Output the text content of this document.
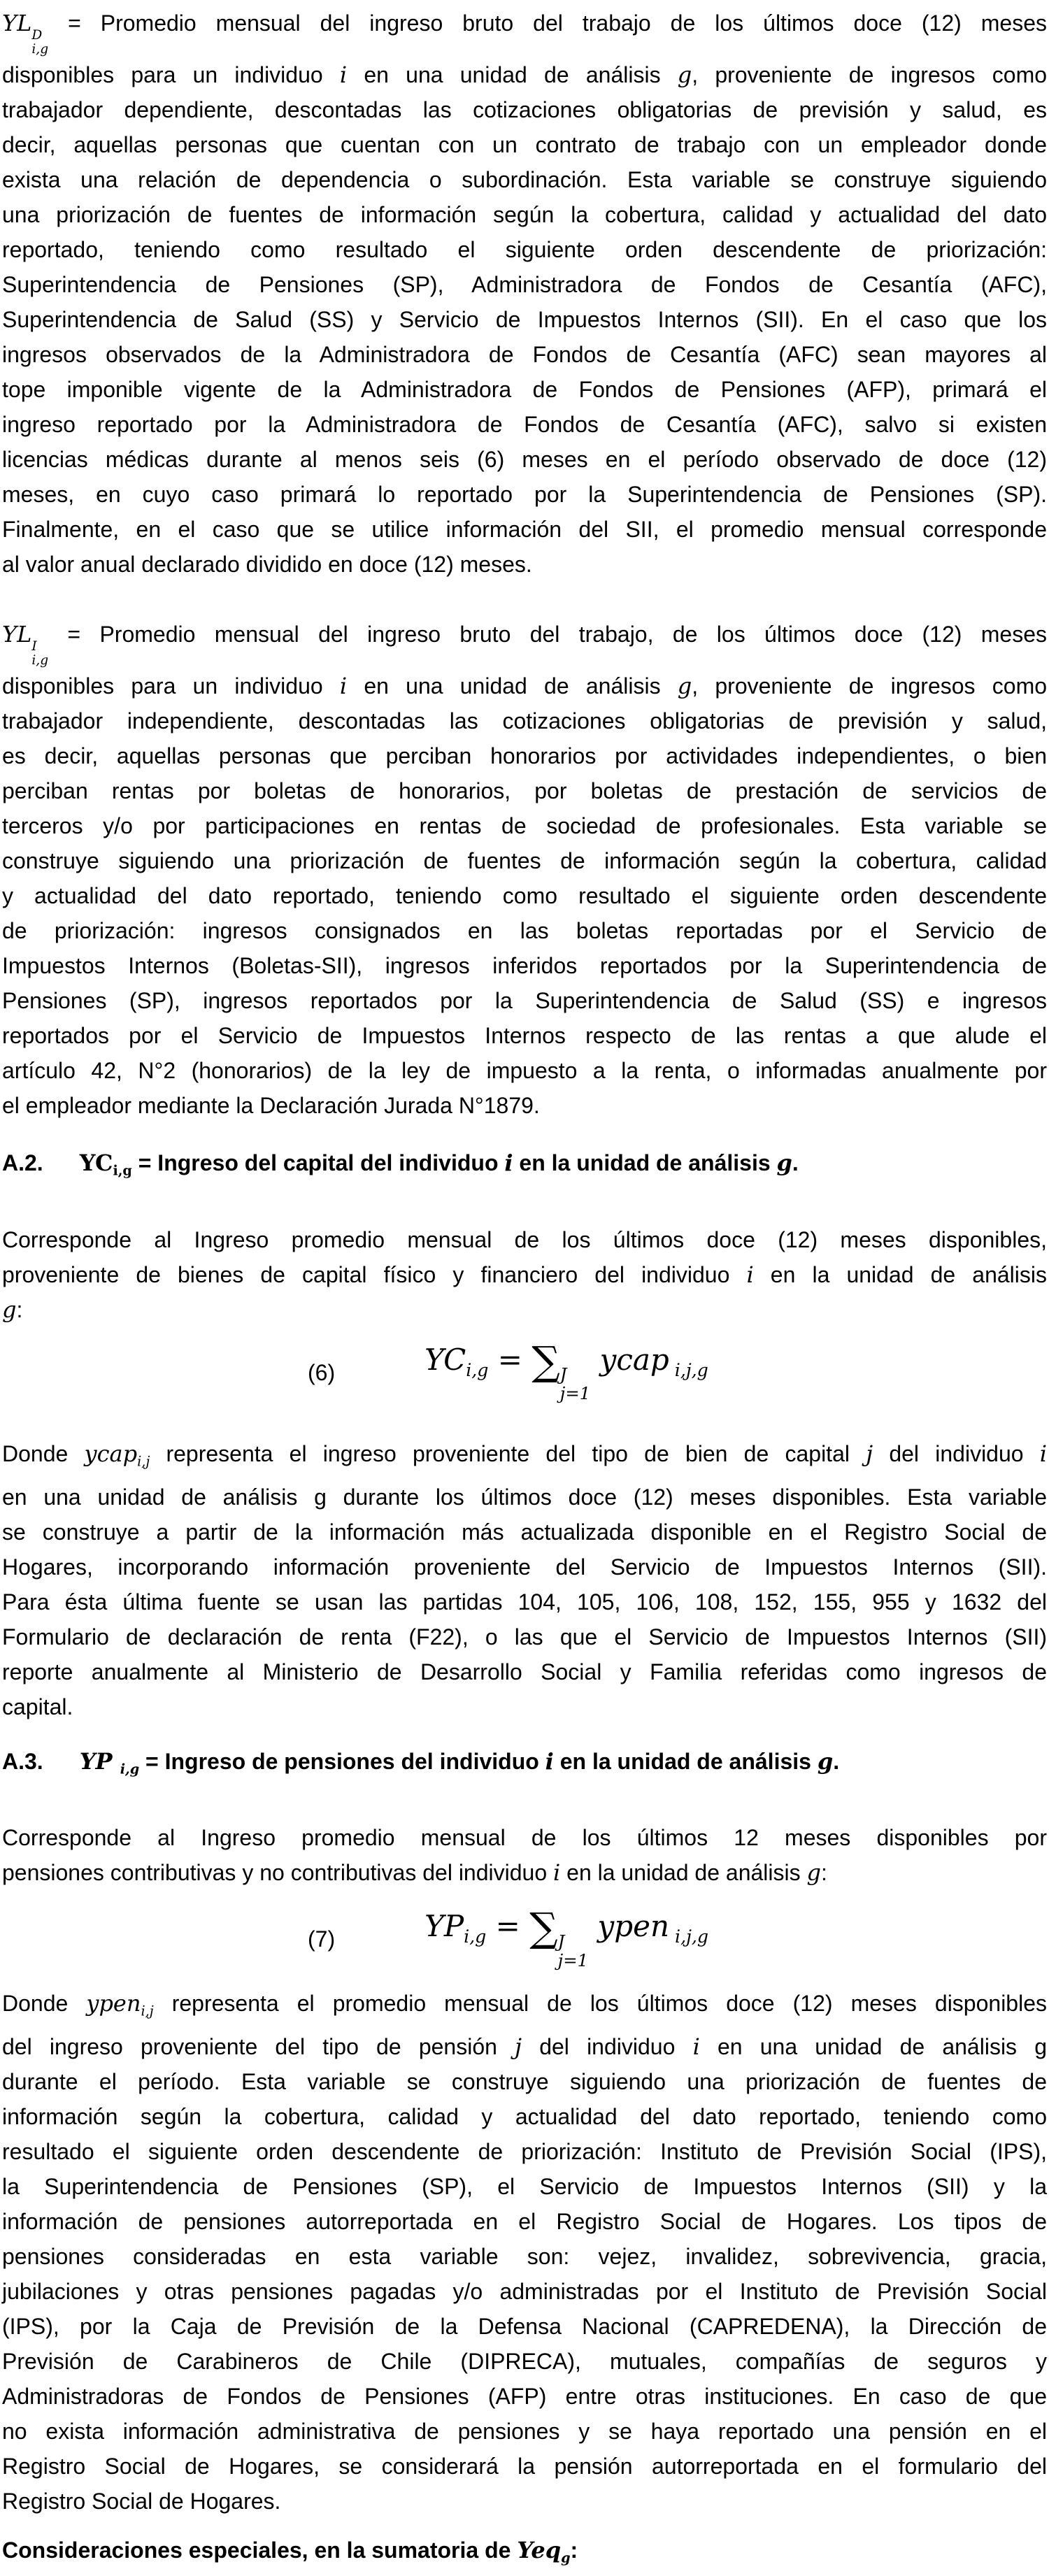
YL D
i,g
= Promedio mensual del ingreso bruto del trabajo de los últimos doce (12) meses
disponibles para un individuo i en una unidad de análisis g, proveniente de ingresos como
trabajador dependiente, descontadas las cotizaciones obligatorias de previsión y salud, es
decir, aquellas personas que cuentan con un contrato de trabajo con un empleador donde
exista una relación de dependencia o subordinación. Esta variable se construye siguiendo
una priorización de fuentes de información según la cobertura, calidad y actualidad del dato
reportado, teniendo como resultado el siguiente orden descendente de priorización:
Superintendencia de Pensiones (SP), Administradora de Fondos de Cesantía (AFC),
Superintendencia de Salud (SS) y Servicio de Impuestos Internos (SII). En el caso que los
ingresos observados de la Administradora de Fondos de Cesantía (AFC) sean mayores al
tope imponible vigente de la Administradora de Fondos de Pensiones (AFP), primará el
ingreso reportado por la Administradora de Fondos de Cesantía (AFC), salvo si existen
licencias médicas durante al menos seis (6) meses en el período observado de doce (12)
meses, en cuyo caso primará lo reportado por la Superintendencia de Pensiones (SP).
Finalmente, en el caso que se utilice información del SII, el promedio mensual corresponde
al valor anual declarado dividido en doce (12) meses.
YL I
i,g
= Promedio mensual del ingreso bruto del trabajo, de los últimos doce (12) meses
disponibles para un individuo i en una unidad de análisis g, proveniente de ingresos como
trabajador independiente, descontadas las cotizaciones obligatorias de previsión y salud,
es decir, aquellas personas que perciban honorarios por actividades independientes, o bien
perciban rentas por boletas de honorarios, por boletas de prestación de servicios de
terceros y/o por participaciones en rentas de sociedad de profesionales. Esta variable se
construye siguiendo una priorización de fuentes de información según la cobertura, calidad
y actualidad del dato reportado, teniendo como resultado el siguiente orden descendente
de priorización: ingresos consignados en las boletas reportadas por el Servicio de
Impuestos Internos (Boletas-SII), ingresos inferidos reportados por la Superintendencia de
Pensiones (SP), ingresos reportados por la Superintendencia de Salud (SS) e ingresos
reportados por el Servicio de Impuestos Internos respecto de las rentas a que alude el
artículo 42, N°2 (honorarios) de la ley de impuesto a la renta, o informadas anualmente por
el empleador mediante la Declaración Jurada N°1879.
A.2. $YC_{i,g}$ = Ingreso del capital del individuo i en la unidad de análisis g.
Corresponde al Ingreso promedio mensual de los últimos doce (12) meses disponibles,
proveniente de bienes de capital físico y financiero del individuo i en la unidad de análisis
g:
(6)	$YC_{i,g}$ = ∑ J
j=1
ycap $_{i,j,g}$
Donde ycap$_{i,j}$ representa el ingreso proveniente del tipo de bien de capital j del individuo i
en una unidad de análisis g durante los últimos doce (12) meses disponibles. Esta variable
se construye a partir de la información más actualizada disponible en el Registro Social de
Hogares, incorporando información proveniente del Servicio de Impuestos Internos (SII).
Para ésta última fuente se usan las partidas 104, 105, 106, 108, 152, 155, 955 y 1632 del
Formulario de declaración de renta (F22), o las que el Servicio de Impuestos Internos (SII)
reporte anualmente al Ministerio de Desarrollo Social y Familia referidas como ingresos de
capital.
A.3. YP $_{i,g}$ = Ingreso de pensiones del individuo i en la unidad de análisis g.
Corresponde al Ingreso promedio mensual de los últimos 12 meses disponibles por
pensiones contributivas y no contributivas del individuo i en la unidad de análisis g:
(7)	$YP_{i,g}$ = ∑ J
j=1
ypen $_{i,j,g}$
Donde ypen$_{i,j}$ representa el promedio mensual de los últimos doce (12) meses disponibles
del ingreso proveniente del tipo de pensión j del individuo i en una unidad de análisis g
durante el período. Esta variable se construye siguiendo una priorización de fuentes de
información según la cobertura, calidad y actualidad del dato reportado, teniendo como
resultado el siguiente orden descendente de priorización: Instituto de Previsión Social (IPS),
la Superintendencia de Pensiones (SP), el Servicio de Impuestos Internos (SII) y la
información de pensiones autorreportada en el Registro Social de Hogares. Los tipos de
pensiones consideradas en esta variable son: vejez, invalidez, sobrevivencia, gracia,
jubilaciones y otras pensiones pagadas y/o administradas por el Instituto de Previsión Social
(IPS), por la Caja de Previsión de la Defensa Nacional (CAPREDENA), la Dirección de
Previsión de Carabineros de Chile (DIPRECA), mutuales, compañías de seguros y
Administradoras de Fondos de Pensiones (AFP) entre otras instituciones. En caso de que
no exista información administrativa de pensiones y se haya reportado una pensión en el
Registro Social de Hogares, se considerará la pensión autorreportada en el formulario del
Registro Social de Hogares.
Consideraciones especiales, en la sumatoria de Yeq$_g$:
